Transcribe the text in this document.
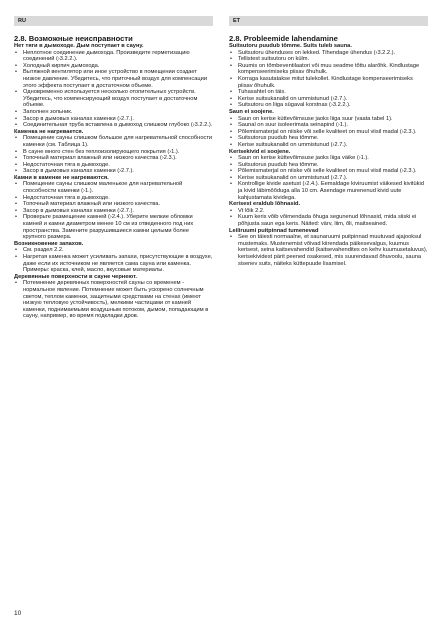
RU	ET
2.8. Возможные неисправности
Нет тяги в дымоходе. Дым поступает в сауну.
• Неплотное соединение дымохода. Произведите герметизацию соединений (›3.2.2.).
• Холодный кирпич дымохода.
• Вытяжной вентилятор или иное устройство в помещении создает низкое давление. Убедитесь, что приточный воздух для компенсации этого эффекта поступает в достаточном объеме.
• Одновременно используется несколько отопительных устройств. Убедитесь, что компенсирующий воздух поступает в достаточном объеме.
• Заполнен зольник.
• Засор в дымовых каналах каменки (›2.7.).
• Соединительная труба вставлена в дымоход слишком глубоко (›3.2.2.).
Каменка не нагревается.
• Помещение сауны слишком большое для нагревательной способности каменки (см. Таблица 1).
• В сауне много стен без теплоизолирующего покрытия (›1.).
• Топочный материал влажный или низкого качества (›2.3.).
• Недостаточная тяга в дымоходе.
• Засор в дымовых каналах каменки (›2.7.).
Камни в каменке не нагреваются.
• Помещение сауны слишком маленькое для нагревательной способности каменки (›1.).
• Недостаточная тяга в дымоходе.
• Топочный материал влажный или низкого качества.
• Засор в дымовых каналах каменки (›2.7.).
• Проверьте размещение камней (›2.4.). Уберите мелкие обломки камней и камни диаметром менее 10 см из отведенного под них пространства. Замените разрушившиеся камни целыми более крупного размера.
Возникновение запахов.
• См. раздел 2.2.
• Нагретая каменка может усиливать запахи, присутствующие в воздухе, даже если их источником не является сама сауна или каменка. Примеры: краска, клей, масло, вкусовые материалы.
Деревянные поверхности в сауне чернеют.
• Потемнение деревянных поверхностей сауны со временем - нормальное явление. Потемнение может быть ускорено солнечным светом, теплом каменки, защитными средствами на стенах (имеют низкую тепловую устойчивость), мелкими частицами от камней каменки, поднимаемыми воздушным потоком, дымом, попадающим в сауну, например, во время подкладки дров.
2.8. Probleemide lahendamine
Suitsutoru puudub tõmme. Suits tuleb sauna.
• Suitsutoru ühenduses on lekked. Tihendage ühendus (›3.2.2.).
• Tellistest suitsutoru on külm.
• Ruumis on tõmbeventilaatori või muu seadme tõttu alarõhk. Kindlustage kompenseerimiseks piisav õhuhulk.
• Korraga kasutatakse mitut tulekollet. Kindlustage kompenseerimiseks piisav õhuhulk.
• Tuhasahtel on täis.
• Kerise suitsukanalid on ummistunud (›2.7.).
• Suitsutoru on liiga sügaval korstnas (›3.2.2.).
Saun ei soojene.
• Saun on kerise küttevõimsuse jaoks liiga suur (vaata tabel 1).
• Saunal on suur isoleerimata seinapind (›1.).
• Põlemismaterjal on niiske või selle kvaliteet on muul viisil madal (›2.3.).
• Suitsutorus puudub hea tõmme.
• Kerise suitsukanalid on ummistunud (›2.7.).
Kerisekivid ei soojene.
• Saun on kerise küttevõimsuse jaoks liiga väike (›1.).
• Suitsutorus puudub hea tõmme.
• Põlemismaterjal on niiske või selle kvaliteet on muul viisil madal (›2.3.).
• Kerise suitsukanalid on ummistunud (›2.7.).
• Kontrollige kivide asetust (›2.4.). Eemaldage kiviruumist väikesed kivitükid ja kivid läbimõõduga alla 10 cm. Asendage murenenud kivid uute kahjustamata kividega.
Kerisest eraldub lõhnasid.
• Vt lõik 2.2.
• Kuum keris võib võimendada õhuga segunenud lõhnasid, mida siiski ei põhjusta saun ega keris. Näited: värv, liim, õli, maitseained.
Leiliruumi puitpinnad tumenevad
• See on täiesti normaalne, et saunaruumi puitpinnad muutuvad ajajooksul mustemaks. Mustenemist võivad kiirendada päikesevalgus, kuumus kerisest, seina kaitsevahendid (kaitsevahendites on kehv kuumusetaluvus), kerisekividest pärit peened osakesed, mis suurendavad õhuvoolu, sauna sisenev suits, näiteks küttepuude lisamisel.
10
